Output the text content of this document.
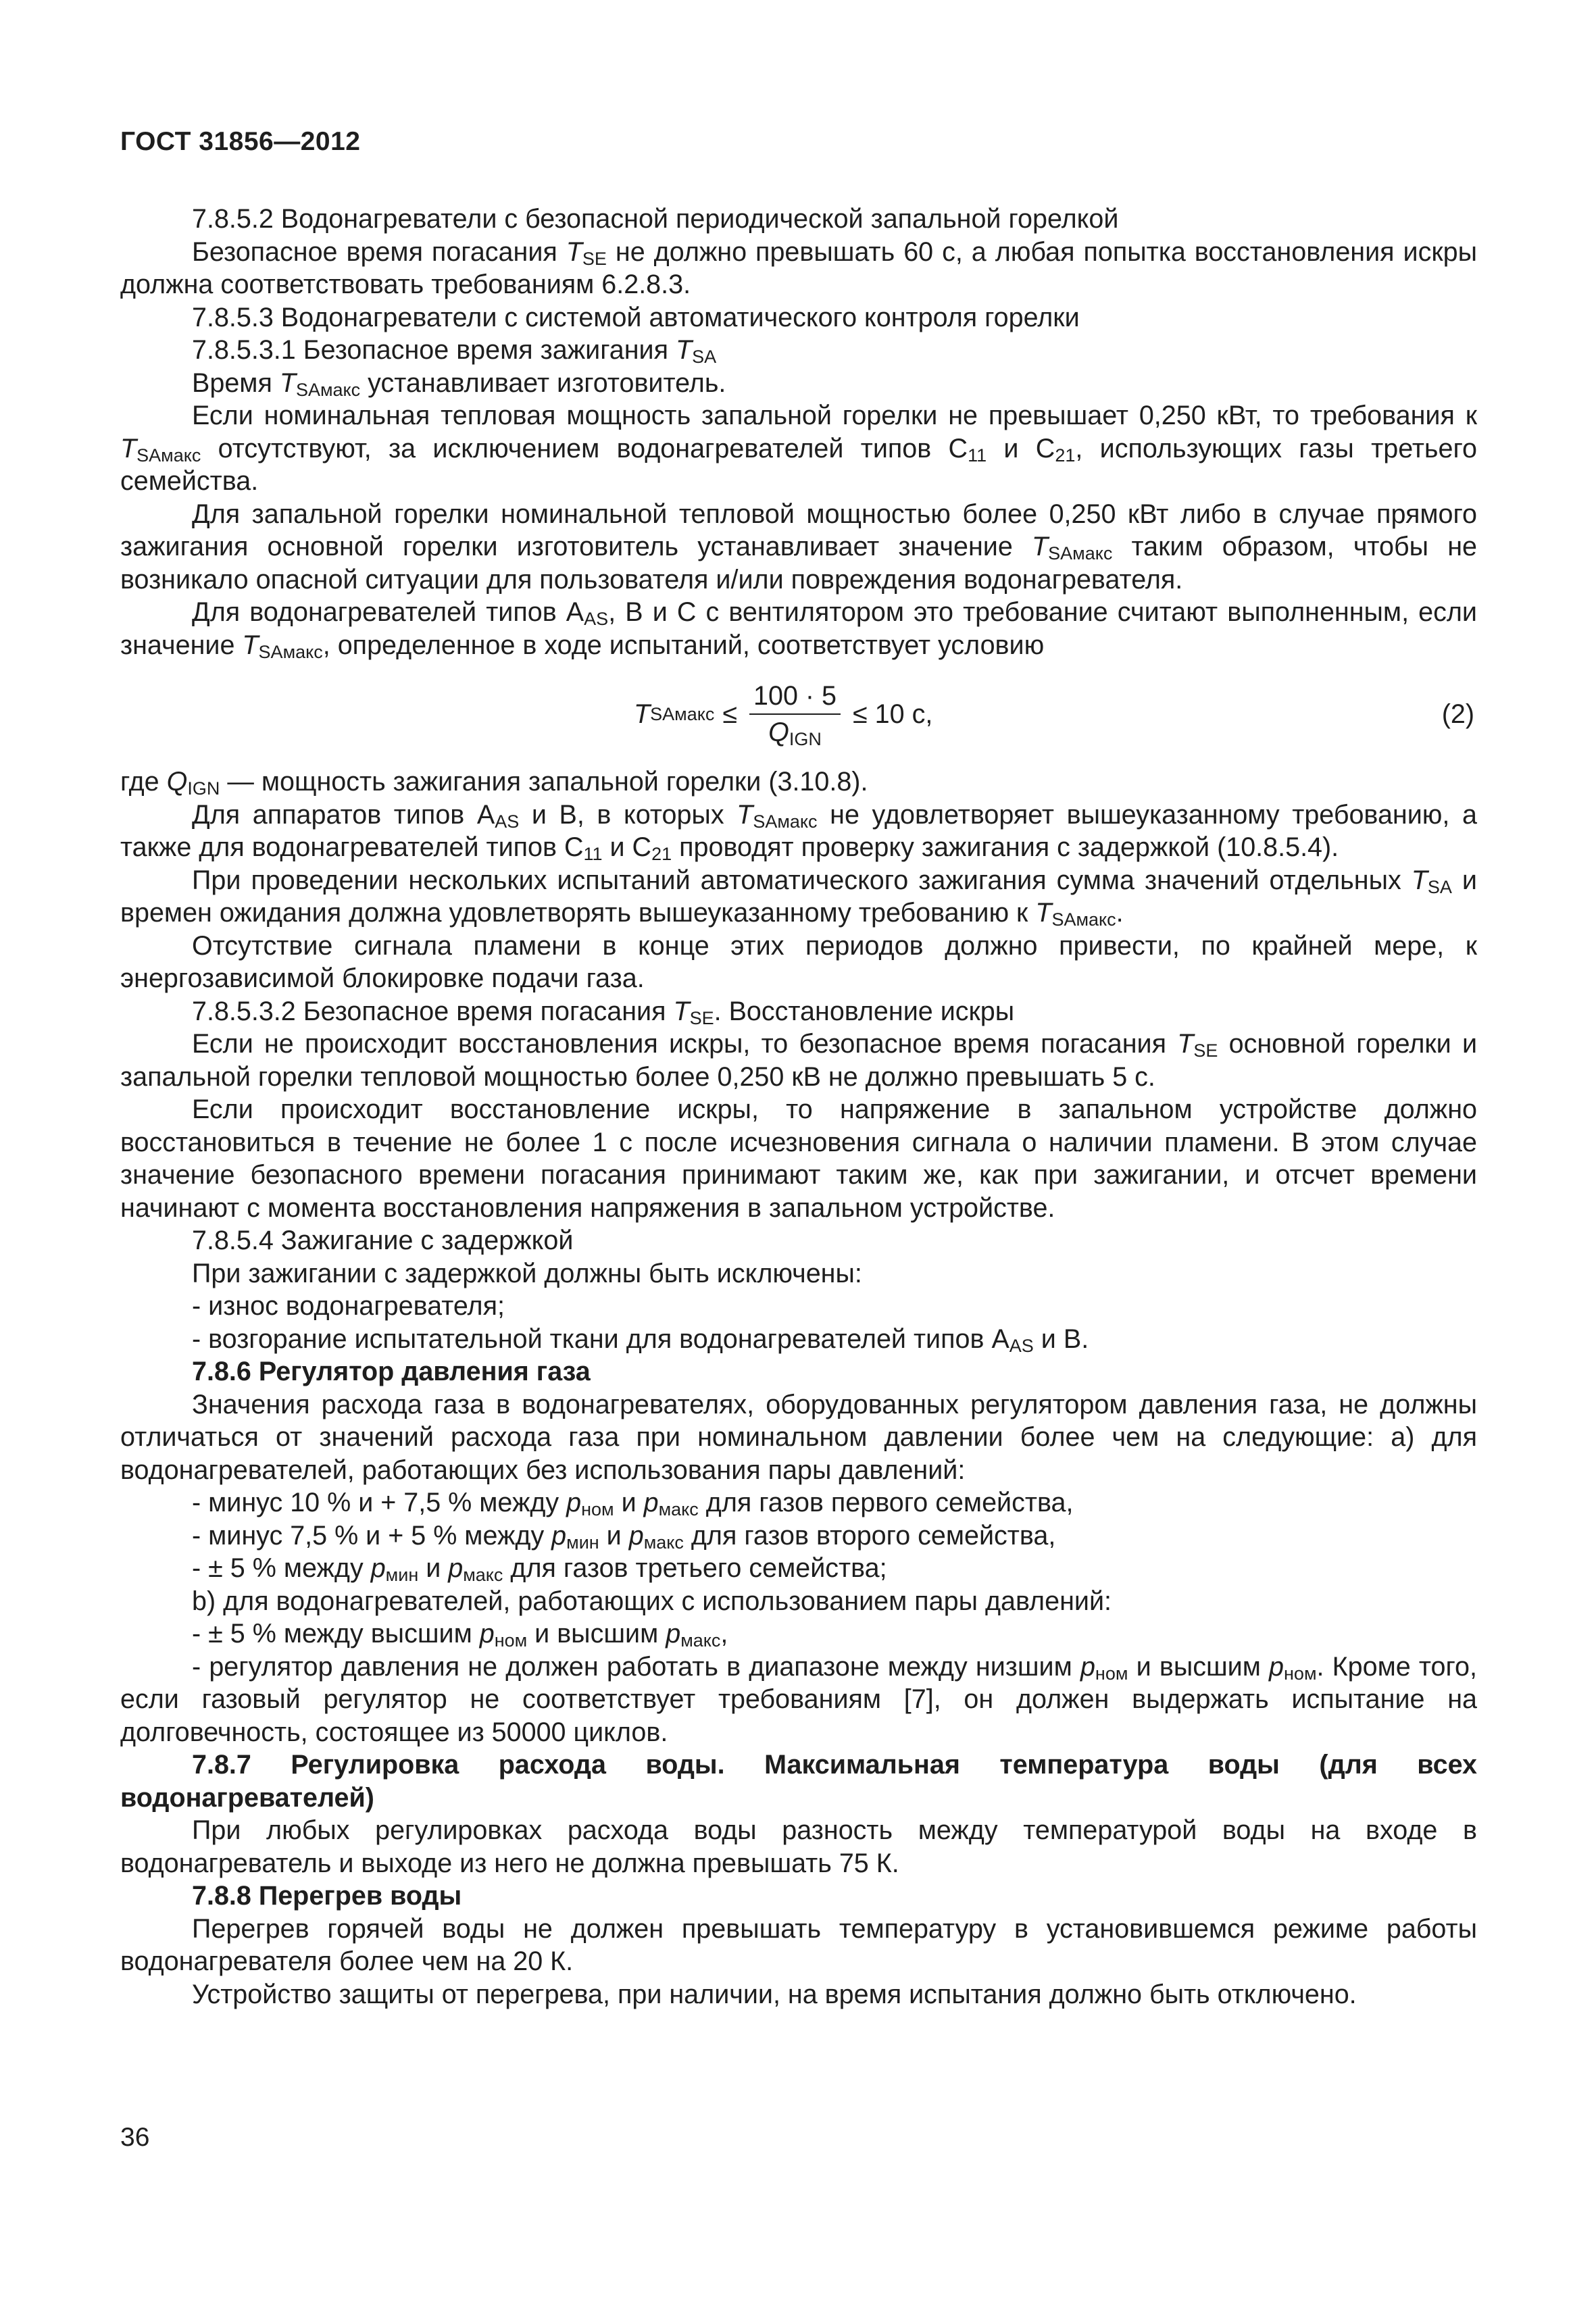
ГОСТ 31856—2012

7.8.5.2 Водонагреватели с безопасной периодической запальной горелкой

Безопасное время погасания $T_{SE}$ не должно превышать 60 с, а любая попытка восстановления искры должна соответствовать требованиям 6.2.8.3.

7.8.5.3 Водонагреватели с системой автоматического контроля горелки

7.8.5.3.1 Безопасное время зажигания $T_{SA}$

Время $T_{SAмакс}$ устанавливает изготовитель.

Если номинальная тепловая мощность запальной горелки не превышает 0,250 кВт, то требования к $T_{SAмакс}$ отсутствуют, за исключением водонагревателей типов $С_{11}$ и $С_{21}$, использующих газы третьего семейства.

Для запальной горелки номинальной тепловой мощностью более 0,250 кВт либо в случае прямого зажигания основной горелки изготовитель устанавливает значение $T_{SAмакс}$ таким образом, чтобы не возникало опасной ситуации для пользователя и/или повреждения водонагревателя.

Для водонагревателей типов $А_{AS}$, В и С с вентилятором это требование считают выполненным, если значение $T_{SAмакс}$, определенное в ходе испытаний, соответствует условию

T SAмакс ≤ $\frac{100 \cdot 5}{Q_{IGN}} \le 10$ с,	(2)

где $Q_{IGN}$ — мощность зажигания запальной горелки (3.10.8).

Для аппаратов типов $А_{AS}$ и В, в которых $T_{SAмакс}$ не удовлетворяет вышеуказанному требованию, а также для водонагревателей типов $С_{11}$ и $С_{21}$ проводят проверку зажигания с задержкой (10.8.5.4).

При проведении нескольких испытаний автоматического зажигания сумма значений отдельных $T_{SA}$ и времен ожидания должна удовлетворять вышеуказанному требованию к $T_{SAмакс}$.

Отсутствие сигнала пламени в конце этих периодов должно привести, по крайней мере, к энергозависимой блокировке подачи газа.

7.8.5.3.2 Безопасное время погасания $T_{SE}$. Восстановление искры

Если не происходит восстановления искры, то безопасное время погасания $T_{SE}$ основной горелки и запальной горелки тепловой мощностью более 0,250 кВ не должно превышать 5 с.

Если происходит восстановление искры, то напряжение в запальном устройстве должно восстановиться в течение не более 1 с после исчезновения сигнала о наличии пламени. В этом случае значение безопасного времени погасания принимают таким же, как при зажигании, и отсчет времени начинают с момента восстановления напряжения в запальном устройстве.

7.8.5.4 Зажигание с задержкой

При зажигании с задержкой должны быть исключены:

- износ водонагревателя;

- возгорание испытательной ткани для водонагревателей типов $А_{AS}$ и В.

7.8.6 Регулятор давления газа

Значения расхода газа в водонагревателях, оборудованных регулятором давления газа, не должны отличаться от значений расхода газа при номинальном давлении более чем на следующие: a) для водонагревателей, работающих без использования пары давлений:

- минус 10 % и + 7,5 % между $p_{ном}$ и $p_{макс}$ для газов первого семейства,

- минус 7,5 % и + 5 % между $p_{мин}$ и $p_{макс}$ для газов второго семейства,

- ± 5 % между $p_{мин}$ и $p_{макс}$ для газов третьего семейства;

b) для водонагревателей, работающих с использованием пары давлений:

- ± 5 % между высшим $p_{ном}$ и высшим $p_{макс}$,

- регулятор давления не должен работать в диапазоне между низшим $p_{ном}$ и высшим $p_{ном}$. Кроме того, если газовый регулятор не соответствует требованиям [7], он должен выдержать испытание на долговечность, состоящее из 50000 циклов.

7.8.7 Регулировка расхода воды. Максимальная температура воды (для всех водонагревателей)

При любых регулировках расхода воды разность между температурой воды на входе в водонагреватель и выходе из него не должна превышать 75 К.

7.8.8 Перегрев воды

Перегрев горячей воды не должен превышать температуру в установившемся режиме работы водонагревателя более чем на 20 К.

Устройство защиты от перегрева, при наличии, на время испытания должно быть отключено.

36
